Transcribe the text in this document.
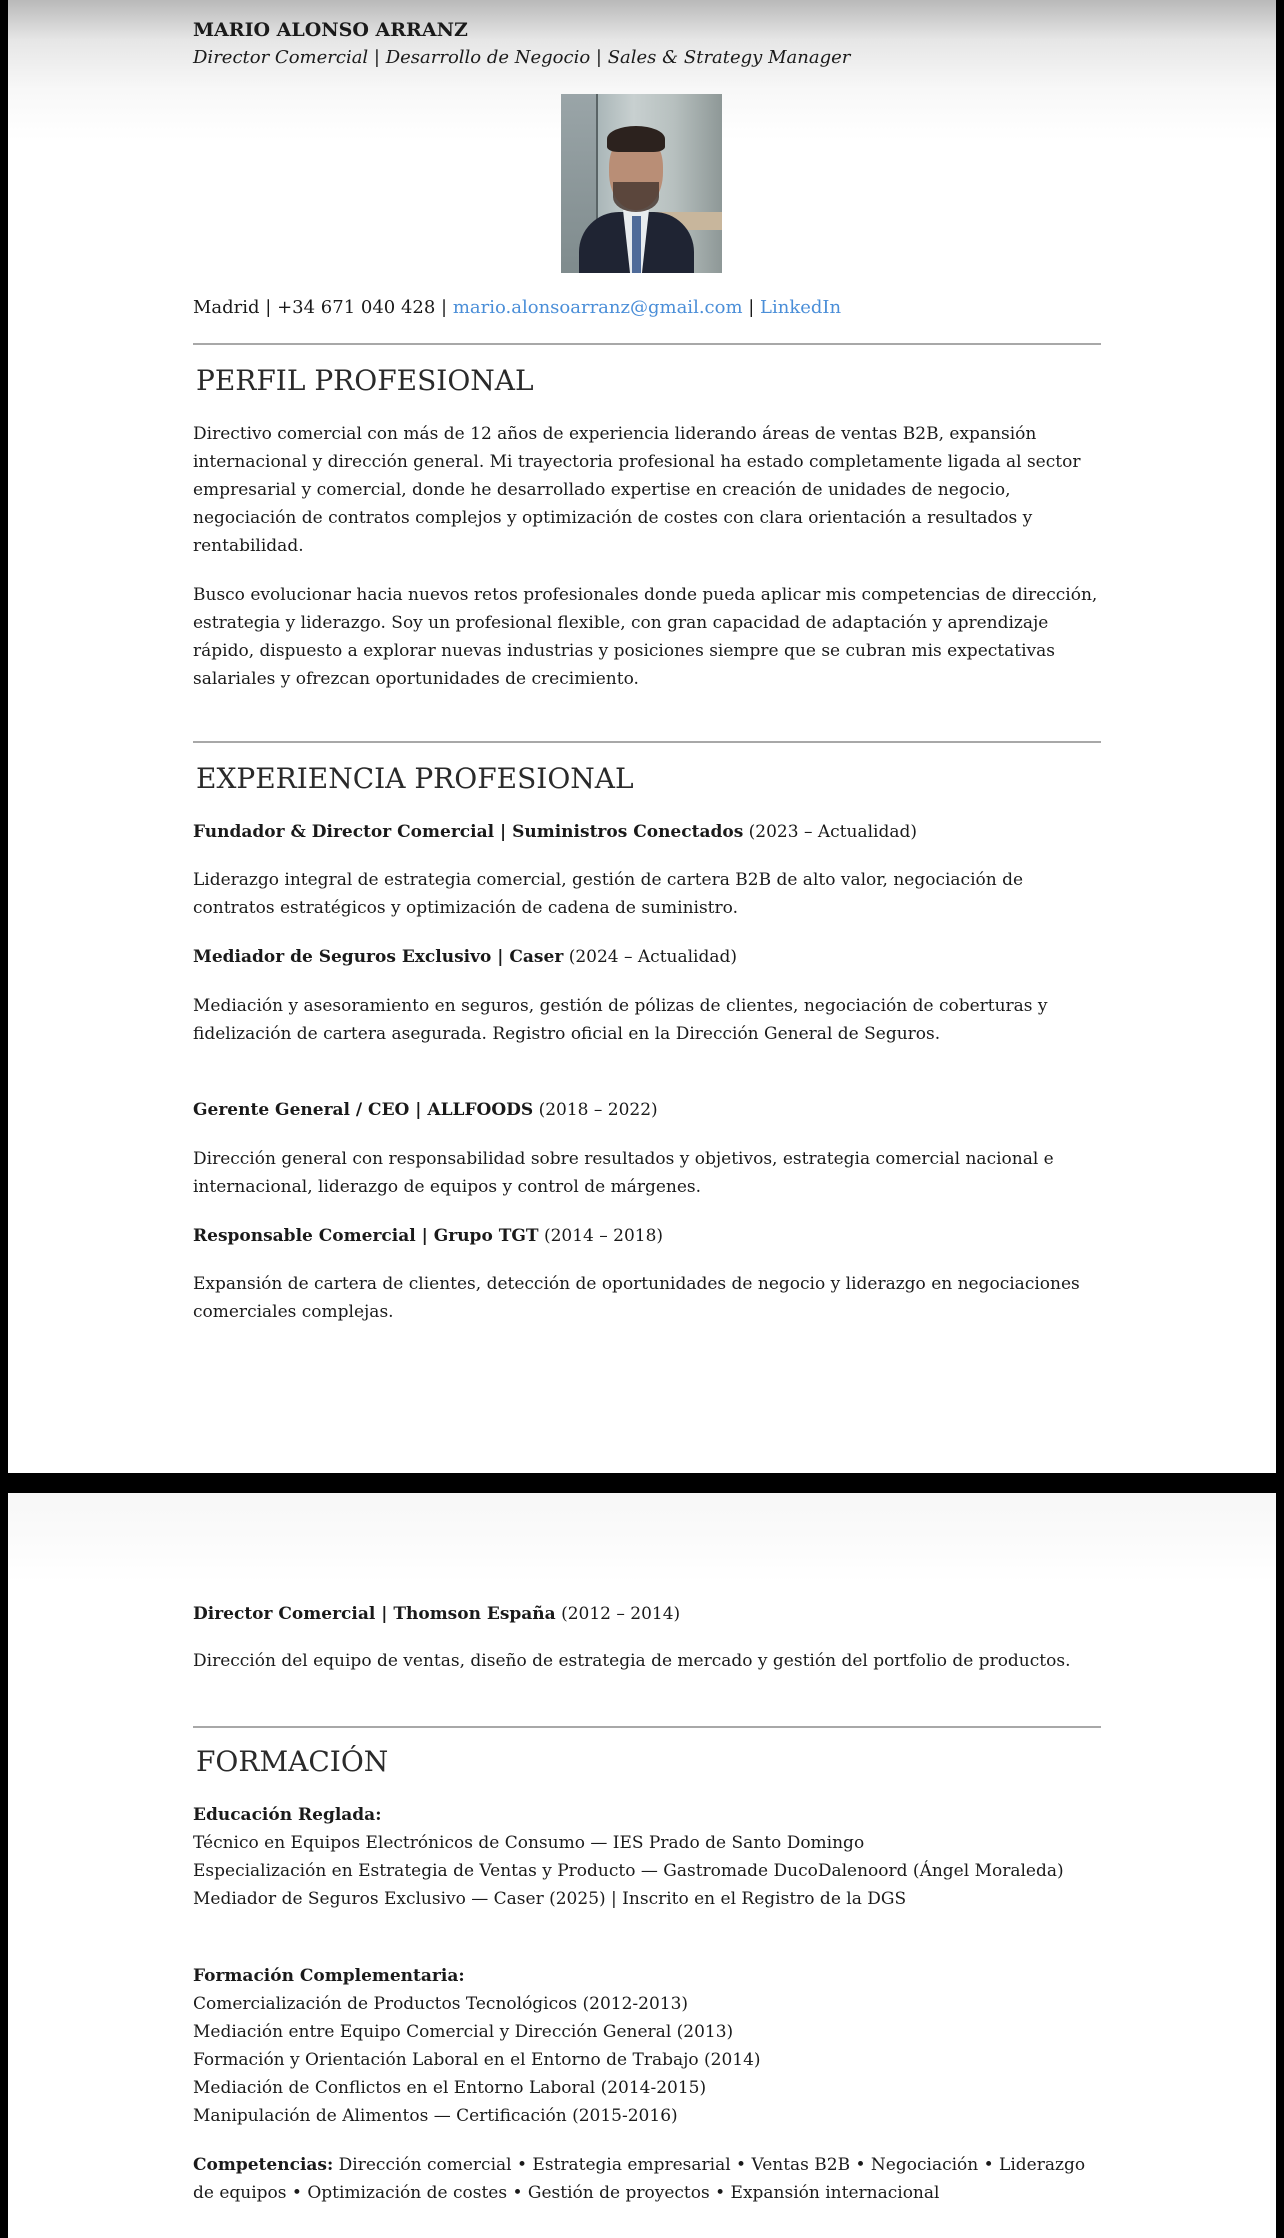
MARIO ALONSO ARRANZ
Director Comercial | Desarrollo de Negocio | Sales & Strategy Manager
Madrid | +34 671 040 428 | mario.alonsoarranz@gmail.com | LinkedIn
PERFIL PROFESIONAL

Directivo comercial con más de 12 años de experiencia liderando áreas de ventas B2B, expansión internacional y dirección general. Mi trayectoria profesional ha estado completamente ligada al sector empresarial y comercial, donde he desarrollado expertise en creación de unidades de negocio, negociación de contratos complejos y optimización de costes con clara orientación a resultados y rentabilidad.

Busco evolucionar hacia nuevos retos profesionales donde pueda aplicar mis competencias de dirección, estrategia y liderazgo. Soy un profesional flexible, con gran capacidad de adaptación y aprendizaje rápido, dispuesto a explorar nuevas industrias y posiciones siempre que se cubran mis expectativas salariales y ofrezcan oportunidades de crecimiento.

EXPERIENCIA PROFESIONAL
Fundador & Director Comercial | Suministros Conectados (2023 – Actualidad)
Liderazgo integral de estrategia comercial, gestión de cartera B2B de alto valor, negociación de contratos estratégicos y optimización de cadena de suministro.
Mediador de Seguros Exclusivo | Caser (2024 – Actualidad)
Mediación y asesoramiento en seguros, gestión de pólizas de clientes, negociación de coberturas y fidelización de cartera asegurada. Registro oficial en la Dirección General de Seguros.
Gerente General / CEO | ALLFOODS (2018 – 2022)
Dirección general con responsabilidad sobre resultados y objetivos, estrategia comercial nacional e internacional, liderazgo de equipos y control de márgenes.
Responsable Comercial | Grupo TGT (2014 – 2018)
Expansión de cartera de clientes, detección de oportunidades de negocio y liderazgo en negociaciones comerciales complejas.
Director Comercial | Thomson España (2012 – 2014)
Dirección del equipo de ventas, diseño de estrategia de mercado y gestión del portfolio de productos.
FORMACIÓN
Educación Reglada:
Técnico en Equipos Electrónicos de Consumo — IES Prado de Santo Domingo
Especialización en Estrategia de Ventas y Producto — Gastromade DucoDalenoord (Ángel Moraleda)
Mediador de Seguros Exclusivo — Caser (2025) | Inscrito en el Registro de la DGS
Formación Complementaria:
Comercialización de Productos Tecnológicos (2012-2013)
Mediación entre Equipo Comercial y Dirección General (2013)
Formación y Orientación Laboral en el Entorno de Trabajo (2014)
Mediación de Conflictos en el Entorno Laboral (2014-2015)
Manipulación de Alimentos — Certificación (2015-2016)
Competencias: Dirección comercial • Estrategia empresarial • Ventas B2B • Negociación • Liderazgo de equipos • Optimización de costes • Gestión de proyectos • Expansión internacional
